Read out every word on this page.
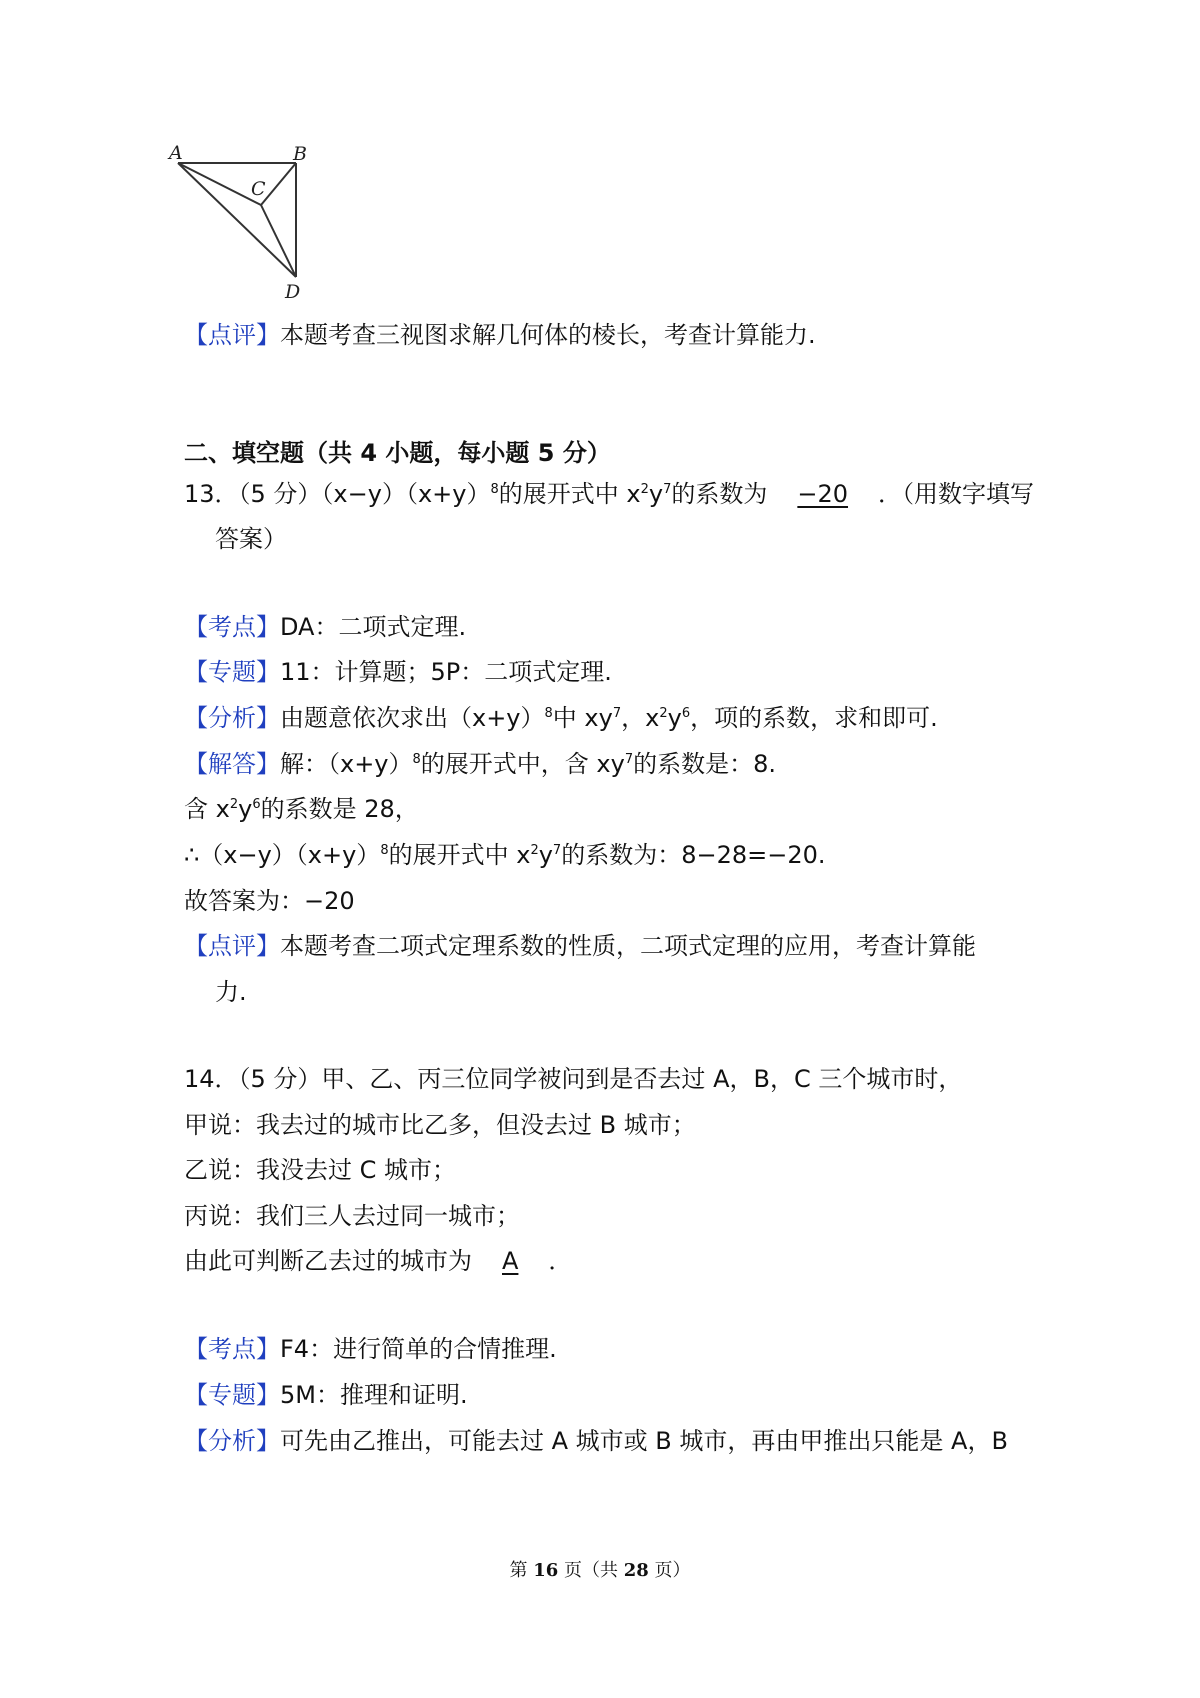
A	B
C
D
【点评】本题考查三视图求解几何体的棱长，考查计算能力.
二、填空题（共 4 小题，每小题 5 分）
13．（5 分）$(x-y)(x+y)^8$的展开式中 $x^2y^7$的系数为 −20 ．（用数字填写
答案）
【考点】DA：二项式定理.
【专题】11：计算题；5P：二项式定理.
【分析】由题意依次求出$(x+y)^8$中 $xy^7$，$x^2y^6$，项的系数，求和即可.
【解答】解：$(x+y)^8$的展开式中，含 $xy^7$的系数是：8.
含 $x^2y^6$的系数是 28，
$\therefore(x-y)(x+y)^8$的展开式中 $x^2y^7$的系数为：8−28=−20.
故答案为：−20
【点评】本题考查二项式定理系数的性质，二项式定理的应用，考查计算能
力.
14．（5 分）甲、乙、丙三位同学被问到是否去过 A，B，C 三个城市时，
甲说：我去过的城市比乙多，但没去过 B 城市；
乙说：我没去过 C 城市；
丙说：我们三人去过同一城市；
由此可判断乙去过的城市为 A ．
【考点】F4：进行简单的合情推理.
【专题】5M：推理和证明.
【分析】可先由乙推出，可能去过 A 城市或 B 城市，再由甲推出只能是 A，B
第 16 页（共 28 页）
